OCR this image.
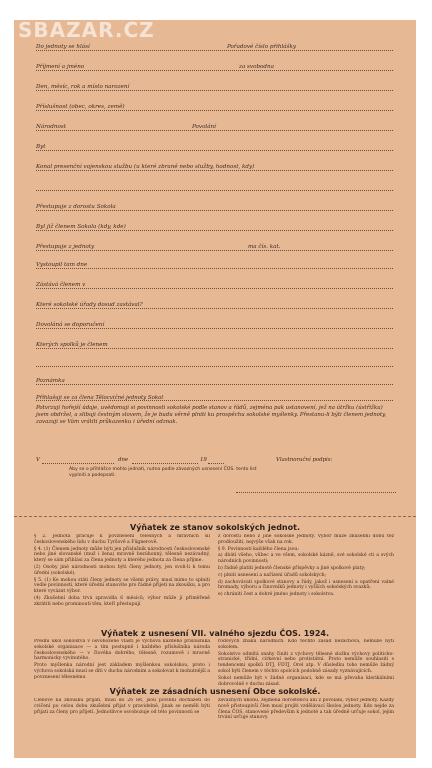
SBAZAR.CZ
Do jednoty se hlásí	Pořadové číslo přihlášky
Příjmení a jméno	za svobodna
Den, měsíc, rok a místo narození
Příslušnost (obec, okres, země)
Národnost	Povolání
Byt
Konal presenční vojenskou službu (u které zbraně nebo služby, hodnost, kdy)
Přestupuje z dorostu Sokola
Byl již členem Sokola (kdy, kde)
Přestupuje z jednoty	ma čís. kat.
Vystoupil tam dne
Zástává členem v
Které sokolské úřady dosud zastával?
Dovoláná se doporučení
Kterých spolků je členem
Poznámka
Přihlašuji se za člena Tělocvičné jednoty Sokol
Potvrzuji hořejší údaje, uvědomuji si povinnosti sokolské podle stanov a řádů, zejména pak ustanovení, jež na útržku (ústřižku) jsem obdržel, a slibuji čestným slovem, že je budu věrně plniti ku prospěchu sokolské myšlenky. Přestanu-li býti členem jednoty, zavazuji se Vám vrátiti průkazenku i úřední odznak.
V	dne	19	Vlastnoruční podpis:
Aby se o přihlášce mohlo jednati, nutno podle závazných usnesení ČOS. tento list vyplniti a podepsati.
Výňatek ze stanov sokolských jednot.

§ 2. Jednota pracuje k povznesení tělesných a mravních sil československého lidu v duchu Tyršově a Fügnerově.

§ 4. (1) Členem jednoty může býti jen příslušník národnosti československé nebo jiné slovanské (muž i žena) mravně bezúhonný, tělesně nezávadný, který se sám přihlásí za člena jednoty a kterého jednota za člena přijme.

(2) Osoby jiné národnosti mohou býti členy jednoty, jen svolí-li k tomu úřední (sokolské).

§ 5. (1) Ke mohou státi členy jednoty se všemi právy, musí mimo to splniti vedle povinností, které úřední stanovíte pro řádné přijetí na zkoušku, a pro které vyvázat výbor.

(4) Zkušební doba trvá zpravidla 6 měsíců; výbor může jí přiměřeně zkrátiti nebo prominouti těm, kteří přestupují

z dorostu nebo z jiné sokolské jednoty. Výbor může zkušební dobu též prodloužiti, nejvýše však na rok.

§ 9. Povinnosti každého člena jsou:

a) dbáti všeho, vůbec a ve všem, sokolské kázně, své sokolské cti a svých národních povinností;

b) řádně platiti jednotě členské příspěvky a jiné spolkové platy;

c) plniti usnesení a nařízení úřadů sokolských;

d) zachovávati spolkové stanovy a řády, jakož i usnesení a opatření valné hromady, výboru a činovníků jednoty i vyšších sokolských svazků;

e) chrániti čest a dobré jméno jednoty i sokolstva.

Výňatek z usnesení VII. valného sjezdu ČOS. 1924.

Přední úkol sokolstva v osvobozené vlasti je výchova každého příslušníka sokolské organisace — a tím postupně i každého příslušníka národa československého — v člověka dobrého, tělesně, rozumově i mravně harmonicky vyvinutého.

Proto myšlenka národní jest základem myšlenkou sokolskou, proto i výchova sokolská musí se díti v duchu národním a sokolovat k mohutnější a povznesení tělesnému

rodových znaků národních. Kdo těchto zásad nezachová, nemůže býti sokolem.

Sokolstvo odmítá snahy činiti z výchovy tělesné složku výchovy politicko-stranické, třídní, církevní nebo protistátní. Proto nemůže souhlasiti s tendencemi spolků DTJ, FDTJ, Orel atp. V důsledku toho nemůže žádný sokol býti členem v těchto spolcích podobně zásady vyznávajících.

Sokol nemůže být v žádné organisaci, kde se má převaha klerikálními dobrovolně v duchu zásad.

Výňatek ze zásadních usnesení Obce sokolské.

Členové na zkoušku přijatí, musí do 26 let, jsou povinni docházeti do cvičení po celou dobu zkušební přijat v pravidelně, jinak se neměli býti přijati za členy pro přijetí. Jednotlivce osvobozuje od této povinnosti se

závazných úkonů, zejména dorostenců ani z povolání, výbor jednoty. Každý nově přistoupivší člen musí projíti vzdělávací školou jednoty. Kdo nejde za člena ČOS, stanovené především k jednoté a tak úředně určuje sokol, jejím trvání určuje stanovy.
